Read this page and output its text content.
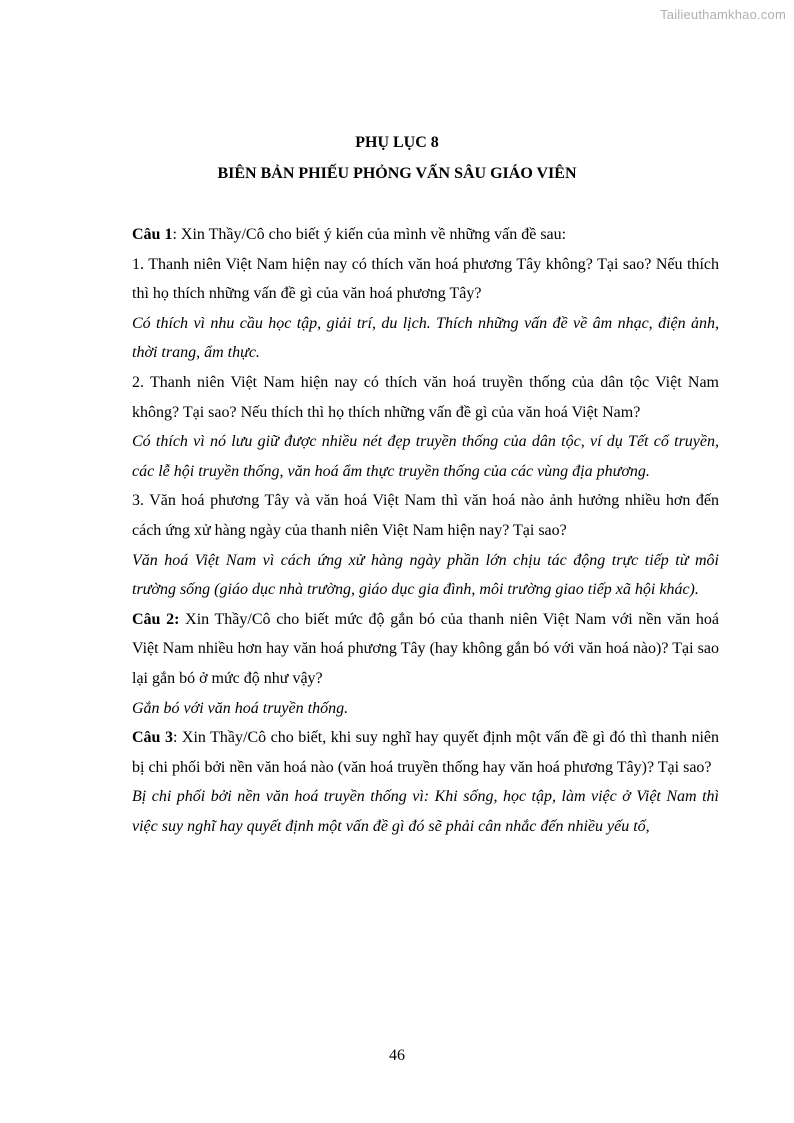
Tailieuthamkhao.com
PHỤ LỤC 8
BIÊN BẢN PHIẾU PHỎNG VẤN SÂU GIÁO VIÊN

Câu 1: Xin Thầy/Cô cho biết ý kiến của mình về những vấn đề sau:

1. Thanh niên Việt Nam hiện nay có thích văn hoá phương Tây không? Tại sao? Nếu thích thì họ thích những vấn đề gì của văn hoá phương Tây?

Có thích vì nhu cầu học tập, giải trí, du lịch. Thích những vấn đề về âm nhạc, điện ảnh, thời trang, ẩm thực.

2. Thanh niên Việt Nam hiện nay có thích văn hoá truyền thống của dân tộc Việt Nam không? Tại sao? Nếu thích thì họ thích những vấn đề gì của văn hoá Việt Nam?

Có thích vì nó lưu giữ được nhiều nét đẹp truyền thống của dân tộc, ví dụ Tết cổ truyền, các lễ hội truyền thống, văn hoá ẩm thực truyền thống của các vùng địa phương.

3. Văn hoá phương Tây và văn hoá Việt Nam thì văn hoá nào ảnh hưởng nhiều hơn đến cách ứng xử hàng ngày của thanh niên Việt Nam hiện nay? Tại sao?

Văn hoá Việt Nam vì cách ứng xử hàng ngày phần lớn chịu tác động trực tiếp từ môi trường sống (giáo dục nhà trường, giáo dục gia đình, môi trường giao tiếp xã hội khác).

Câu 2: Xin Thầy/Cô cho biết mức độ gắn bó của thanh niên Việt Nam với nền văn hoá Việt Nam nhiều hơn hay văn hoá phương Tây (hay không gắn bó với văn hoá nào)? Tại sao lại gắn bó ở mức độ như vậy?

Gắn bó với văn hoá truyền thống.

Câu 3: Xin Thầy/Cô cho biết, khi suy nghĩ hay quyết định một vấn đề gì đó thì thanh niên bị chi phối bởi nền văn hoá nào (văn hoá truyền thống hay văn hoá phương Tây)? Tại sao?

Bị chi phối bởi nền văn hoá truyền thống vì: Khi sống, học tập, làm việc ở Việt Nam thì việc suy nghĩ hay quyết định một vấn đề gì đó sẽ phải cân nhắc đến nhiều yếu tố,

46
